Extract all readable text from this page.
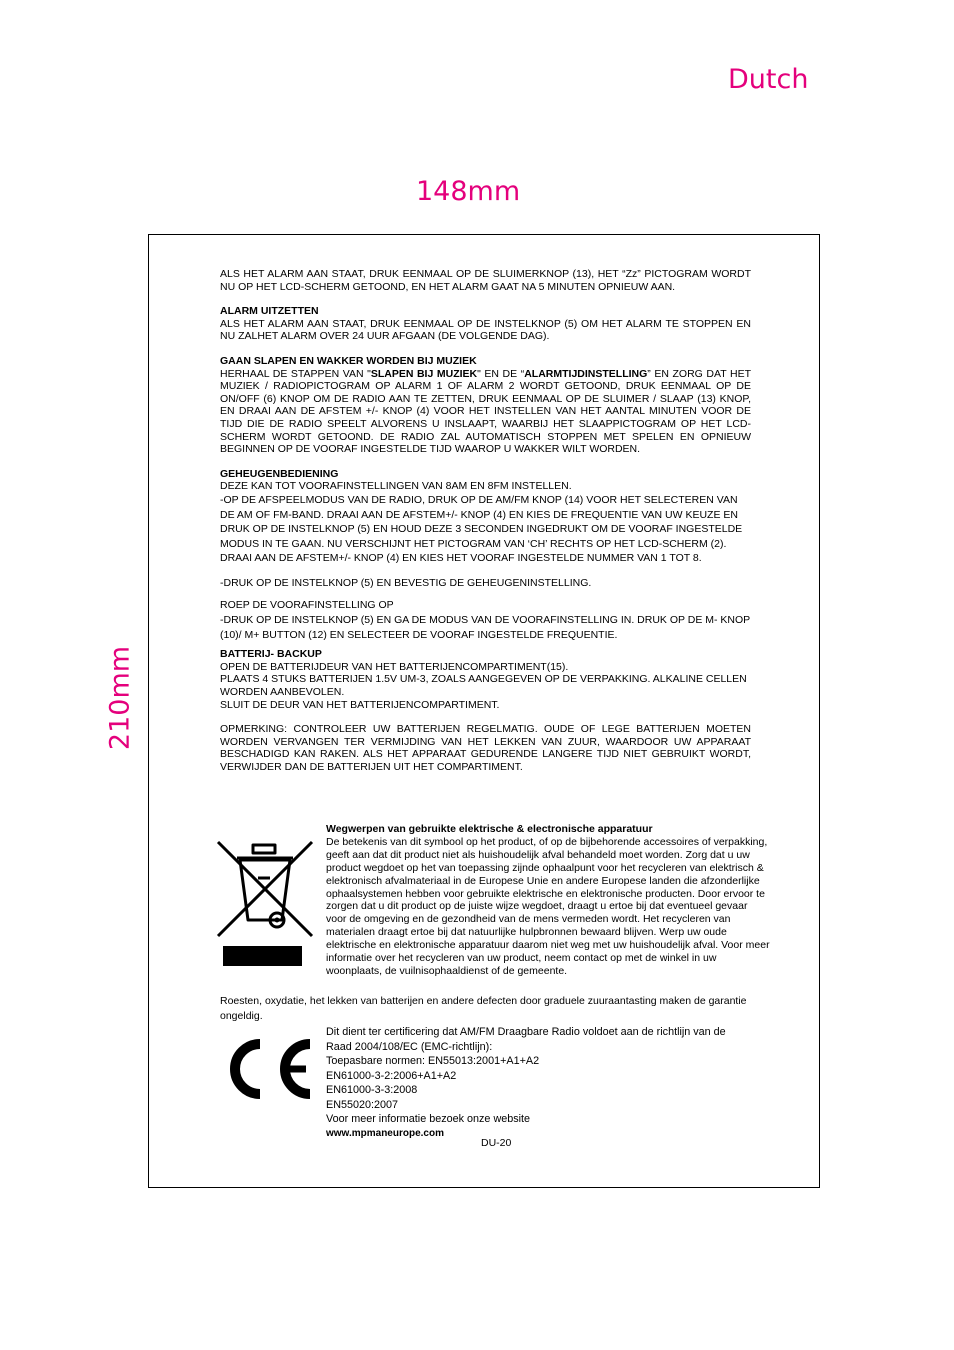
Dutch
148mm
210mm

ALS HET ALARM AAN STAAT, DRUK EENMAAL OP DE SLUIMERKNOP (13), HET “Zz” PICTOGRAM WORDT NU OP HET LCD-SCHERM GETOOND, EN HET ALARM GAAT NA 5 MINUTEN OPNIEUW AAN.

ALARM UITZETTEN

ALS HET ALARM AAN STAAT, DRUK EENMAAL OP DE INSTELKNOP (5) OM HET ALARM TE STOPPEN EN NU ZALHET ALARM OVER 24 UUR AFGAAN (DE VOLGENDE DAG).

GAAN SLAPEN EN WAKKER WORDEN BIJ MUZIEK

HERHAAL DE STAPPEN VAN "SLAPEN BIJ MUZIEK" EN DE “ALARMTIJDINSTELLING” EN ZORG DAT HET MUZIEK / RADIOPICTOGRAM OP ALARM 1 OF ALARM 2 WORDT GETOOND, DRUK EENMAAL OP DE ON/OFF (6) KNOP OM DE RADIO AAN TE ZETTEN, DRUK EENMAAL OP DE SLUIMER / SLAAP (13) KNOP, EN DRAAI AAN DE AFSTEM +/- KNOP (4) VOOR HET INSTELLEN VAN HET AANTAL MINUTEN VOOR DE TIJD DIE DE RADIO SPEELT ALVORENS U INSLAAPT, WAARBIJ HET SLAAPPICTOGRAM OP HET LCD-SCHERM WORDT GETOOND. DE RADIO ZAL AUTOMATISCH STOPPEN MET SPELEN EN OPNIEUW BEGINNEN OP DE VOORAF INGESTELDE TIJD WAAROP U WAKKER WILT WORDEN.

GEHEUGENBEDIENING

DEZE KAN TOT VOORAFINSTELLINGEN VAN 8AM EN 8FM INSTELLEN.

-OP DE AFSPEELMODUS VAN DE RADIO, DRUK OP DE AM/FM KNOP (14) VOOR HET SELECTEREN VAN DE AM OF FM-BAND. DRAAI AAN DE AFSTEM+/- KNOP (4) EN KIES DE FREQUENTIE VAN UW KEUZE EN DRUK OP DE INSTELKNOP (5) EN HOUD DEZE 3 SECONDEN INGEDRUKT OM DE VOORAF INGESTELDE MODUS IN TE GAAN. NU VERSCHIJNT HET PICTOGRAM VAN ‘CH’ RECHTS OP HET LCD-SCHERM (2). DRAAI AAN DE AFSTEM+/- KNOP (4) EN KIES HET VOORAF INGESTELDE NUMMER VAN 1 TOT 8.

-DRUK OP DE INSTELKNOP (5) EN BEVESTIG DE GEHEUGENINSTELLING.

ROEP DE VOORAFINSTELLING OP

-DRUK OP DE INSTELKNOP (5) EN GA DE MODUS VAN DE VOORAFINSTELLING IN. DRUK OP DE M- KNOP (10)/ M+ BUTTON (12) EN SELECTEER DE VOORAF INGESTELDE FREQUENTIE.

BATTERIJ- BACKUP

OPEN DE BATTERIJDEUR VAN HET BATTERIJENCOMPARTIMENT(15).

PLAATS 4 STUKS BATTERIJEN 1.5V UM-3, ZOALS AANGEGEVEN OP DE VERPAKKING. ALKALINE CELLEN WORDEN AANBEVOLEN.

SLUIT DE DEUR VAN HET BATTERIJENCOMPARTIMENT.

OPMERKING: CONTROLEER UW BATTERIJEN REGELMATIG. OUDE OF LEGE BATTERIJEN MOETEN WORDEN VERVANGEN TER VERMIJDING VAN HET LEKKEN VAN ZUUR, WAARDOOR UW APPARAAT BESCHADIGD KAN RAKEN. ALS HET APPARAAT GEDURENDE LANGERE TIJD NIET GEBRUIKT WORDT, VERWIJDER DAN DE BATTERIJEN UIT HET COMPARTIMENT.

Wegwerpen van gebruikte elektrische & electronische apparatuur

De betekenis van dit symbool op het product, of op de bijbehorende accessoires of verpakking, geeft aan dat dit product niet als huishoudelijk afval behandeld moet worden. Zorg dat u uw product wegdoet op het van toepassing zijnde ophaalpunt voor het recycleren van elektrisch & elektronisch afvalmateriaal in de Europese Unie en andere Europese landen die afzonderlijke ophaalsystemen hebben voor gebruikte elektrische en elektronische producten. Door ervoor te zorgen dat u dit product op de juiste wijze wegdoet, draagt u ertoe bij dat eventueel gevaar voor de omgeving en de gezondheid van de mens vermeden wordt. Het recycleren van materialen draagt ertoe bij dat natuurlijke hulpbronnen bewaard blijven. Werp uw oude elektrische en elektronische apparatuur daarom niet weg met uw huishoudelijk afval. Voor meer informatie over het recycleren van uw product, neem contact op met de winkel in uw woonplaats, de vuilnisophaaldienst of de gemeente.

Roesten, oxydatie, het lekken van batterijen en andere defecten door graduele zuuraantasting maken de garantie ongeldig.

Dit dient ter certificering dat AM/FM Draagbare Radio voldoet aan de richtlijn van de Raad 2004/108/EC (EMC-richtlijn):

Toepasbare normen: EN55013:2001+A1+A2

EN61000-3-2:2006+A1+A2

EN61000-3-3:2008

EN55020:2007

Voor meer informatie bezoek onze website

www.mpmaneurope.com

DU-20
